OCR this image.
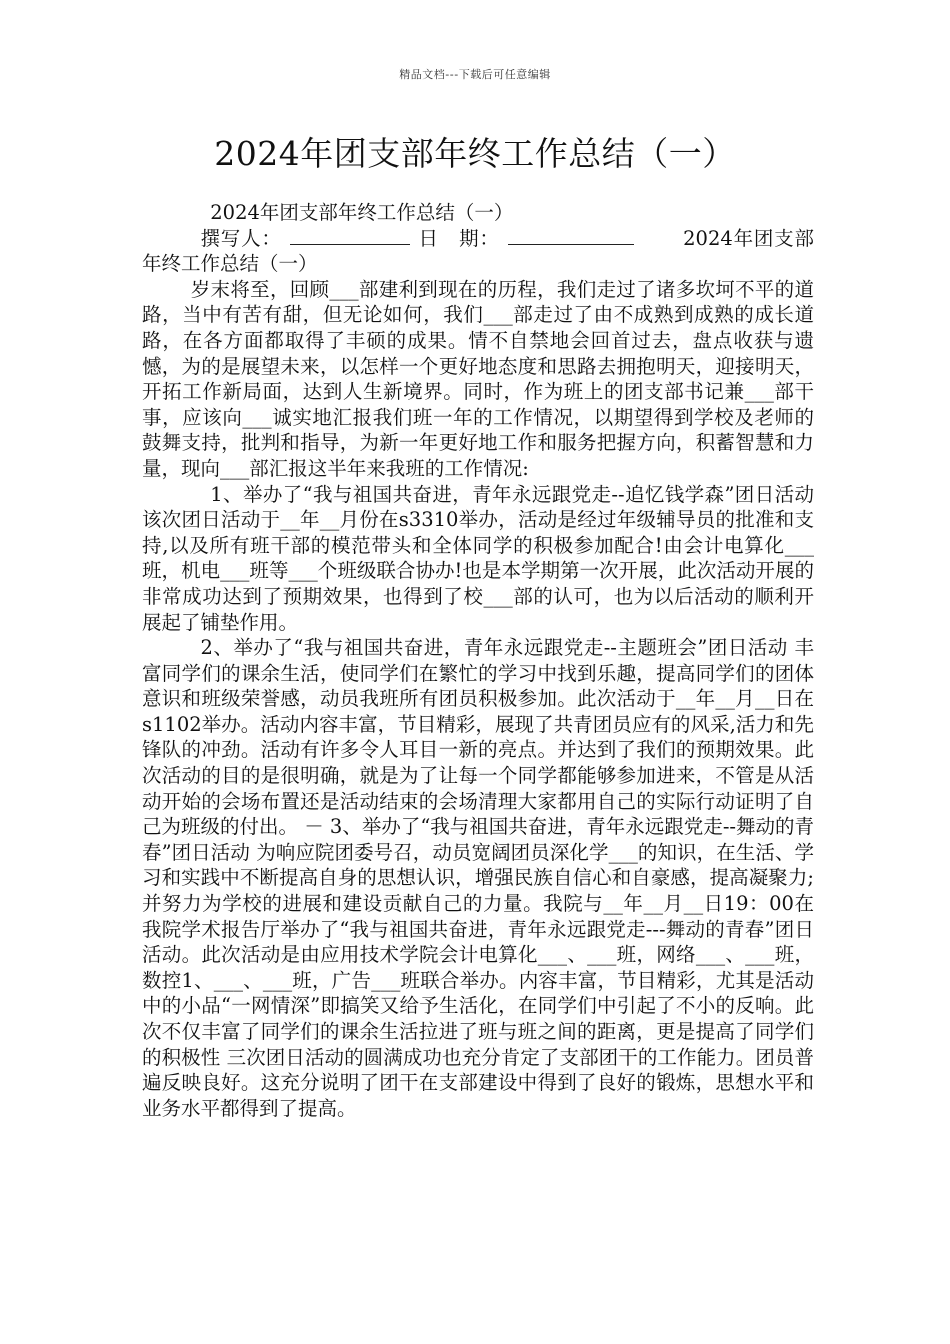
精品文档---下载后可任意编辑
2024年团支部年终工作总结（一）

2024年团支部年终工作总结（一）

撰写人：	日　期：　　	2024年团支部年终工作总结（一）

岁末将至，回顾___部建利到现在的历程，我们走过了诸多坎坷不平的道路，当中有苦有甜，但无论如何，我们___部走过了由不成熟到成熟的成长道路，在各方面都取得了丰硕的成果。情不自禁地会回首过去，盘点收获与遗憾，为的是展望未来，以怎样一个更好地态度和思路去拥抱明天，迎接明天，开拓工作新局面，达到人生新境界。同时，作为班上的团支部书记兼___部干事，应该向___诚实地汇报我们班一年的工作情况，以期望得到学校及老师的鼓舞支持，批判和指导，为新一年更好地工作和服务把握方向，积蓄智慧和力量，现向___部汇报这半年来我班的工作情况:

1、举办了“我与祖国共奋进，青年永远跟党走--追忆钱学森”团日活动 该次团日活动于__年__月份在s3310举办，活动是经过年级辅导员的批准和支持,以及所有班干部的模范带头和全体同学的积极参加配合!由会计电算化___班，机电___班等___个班级联合协办!也是本学期第一次开展，此次活动开展的非常成功达到了预期效果，也得到了校___部的认可，也为以后活动的顺利开展起了铺垫作用。

2、举办了“我与祖国共奋进，青年永远跟党走--主题班会”团日活动 丰富同学们的课余生活，使同学们在繁忙的学习中找到乐趣，提高同学们的团体意识和班级荣誉感，动员我班所有团员积极参加。此次活动于__年__月__日在s1102举办。活动内容丰富，节目精彩，展现了共青团员应有的风采,活力和先锋队的冲劲。活动有许多令人耳目一新的亮点。并达到了我们的预期效果。此次活动的目的是很明确，就是为了让每一个同学都能够参加进来，不管是从活动开始的会场布置还是活动结束的会场清理大家都用自己的实际行动证明了自己为班级的付出。 － 3、举办了“我与祖国共奋进，青年永远跟党走--舞动的青春”团日活动 为响应院团委号召，动员宽阔团员深化学___的知识，在生活、学习和实践中不断提高自身的思想认识，增强民族自信心和自豪感，提高凝聚力;并努力为学校的进展和建设贡献自己的力量。我院与__年__月__日19：00在我院学术报告厅举办了“我与祖国共奋进，青年永远跟党走---舞动的青春”团日活动。此次活动是由应用技术学院会计电算化___、___班，网络___、___班，数控1、___、___班，广告___班联合举办。内容丰富，节目精彩，尤其是活动中的小品“一网情深”即搞笑又给予生活化，在同学们中引起了不小的反响。此次不仅丰富了同学们的课余生活拉进了班与班之间的距离，更是提高了同学们的积极性 三次团日活动的圆满成功也充分肯定了支部团干的工作能力。团员普遍反映良好。这充分说明了团干在支部建设中得到了良好的锻炼，思想水平和业务水平都得到了提高。
